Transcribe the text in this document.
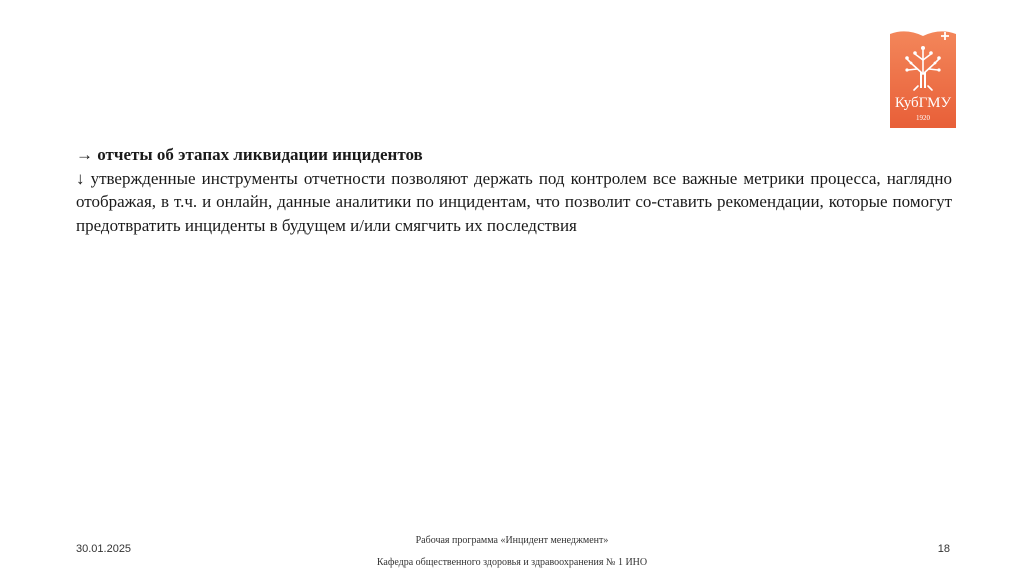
КубГМУ
1920

→ отчеты об этапах ликвидации инцидентов

↓ утвержденные инструменты отчетности позволяют держать под контролем все важные метрики процесса, наглядно отображая, в т.ч. и онлайн, данные аналитики по инцидентам, что позволит со-ставить рекомендации, которые помогут предотвратить инциденты в будущем и/или смягчить их последствия

30.01.2025
Рабочая программа «Инцидент менеджмент»
Кафедра общественного здоровья и здравоохранения № 1 ИНО
18
